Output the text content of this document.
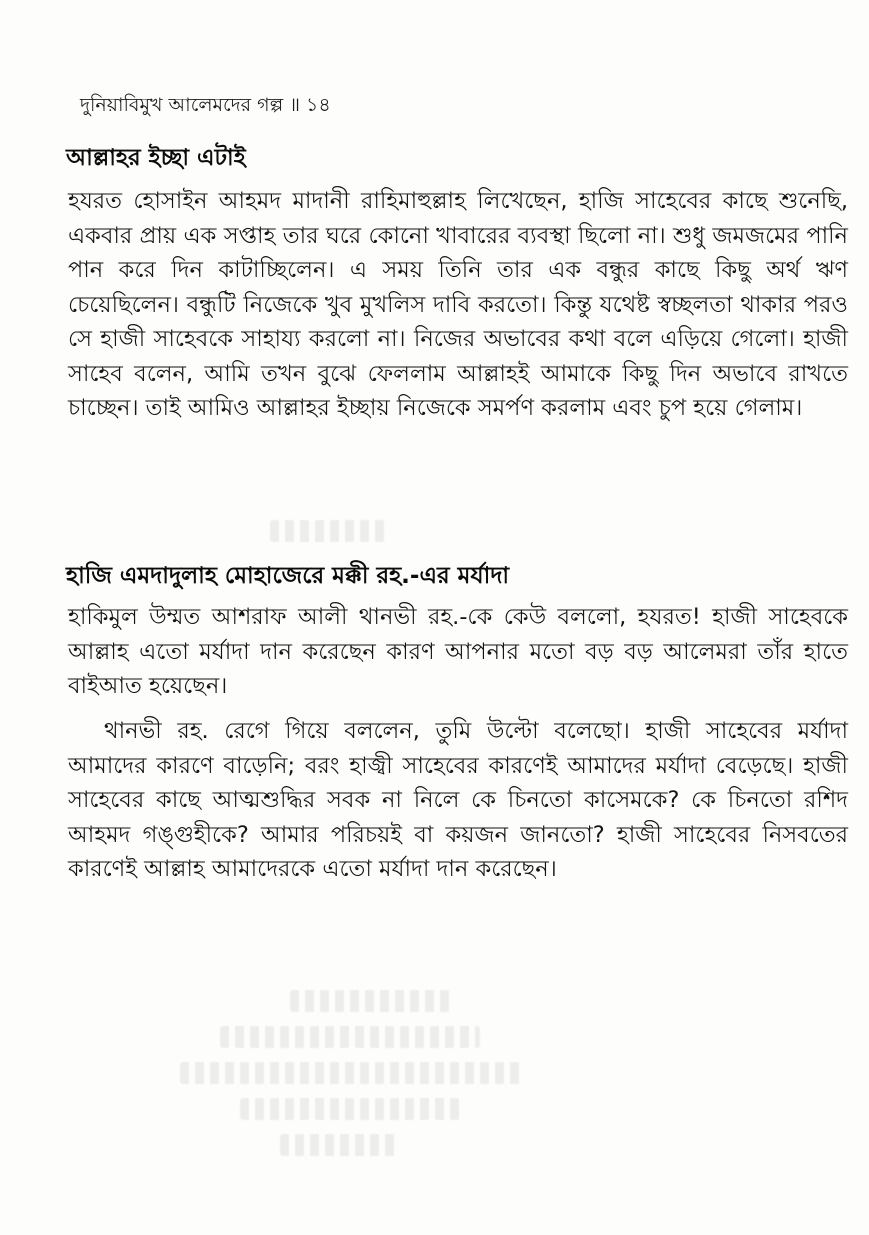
দুনিয়াবিমুখ আলেমদের গল্প ॥ ১৪
আল্লাহর ইচ্ছা এটাই

হযরত হোসাইন আহমদ মাদানী রাহিমাহুল্লাহ লিখেছেন, হাজি সাহেবের কাছে শুনেছি, একবার প্রায় এক সপ্তাহ তার ঘরে কোনো খাবারের ব্যবস্থা ছিলো না। শুধু জমজমের পানি পান করে দিন কাটাচ্ছিলেন। এ সময় তিনি তার এক বন্ধুর কাছে কিছু অর্থ ঋণ চেয়েছিলেন। বন্ধুটি নিজেকে খুব মুখলিস দাবি করতো। কিন্তু যথেষ্ট স্বচ্ছলতা থাকার পরও সে হাজী সাহেবকে সাহায্য করলো না। নিজের অভাবের কথা বলে এড়িয়ে গেলো। হাজী সাহেব বলেন, আমি তখন বুঝে ফেললাম আল্লাহই আমাকে কিছু দিন অভাবে রাখতে চাচ্ছেন। তাই আমিও আল্লাহর ইচ্ছায় নিজেকে সমর্পণ করলাম এবং চুপ হয়ে গেলাম।

হাজি এমদাদুলাহ মোহাজেরে মক্কী রহ.-এর মর্যাদা

হাকিমুল উম্মত আশরাফ আলী থানভী রহ.-কে কেউ বললো, হযরত! হাজী সাহেবকে আল্লাহ এতো মর্যাদা দান করেছেন কারণ আপনার মতো বড় বড় আলেমরা তাঁর হাতে বাইআত হয়েছেন।

থানভী রহ. রেগে গিয়ে বললেন, তুমি উল্টো বলেছো। হাজী সাহেবের মর্যাদা আমাদের কারণে বাড়েনি; বরং হাজ্বী সাহেবের কারণেই আমাদের মর্যাদা বেড়েছে। হাজী সাহেবের কাছে আত্মশুদ্ধির সবক না নিলে কে চিনতো কাসেমকে? কে চিনতো রশিদ আহমদ গঙ্গুহীকে? আমার পরিচয়ই বা কয়জন জানতো? হাজী সাহেবের নিসবতের কারণেই আল্লাহ আমাদেরকে এতো মর্যাদা দান করেছেন।
